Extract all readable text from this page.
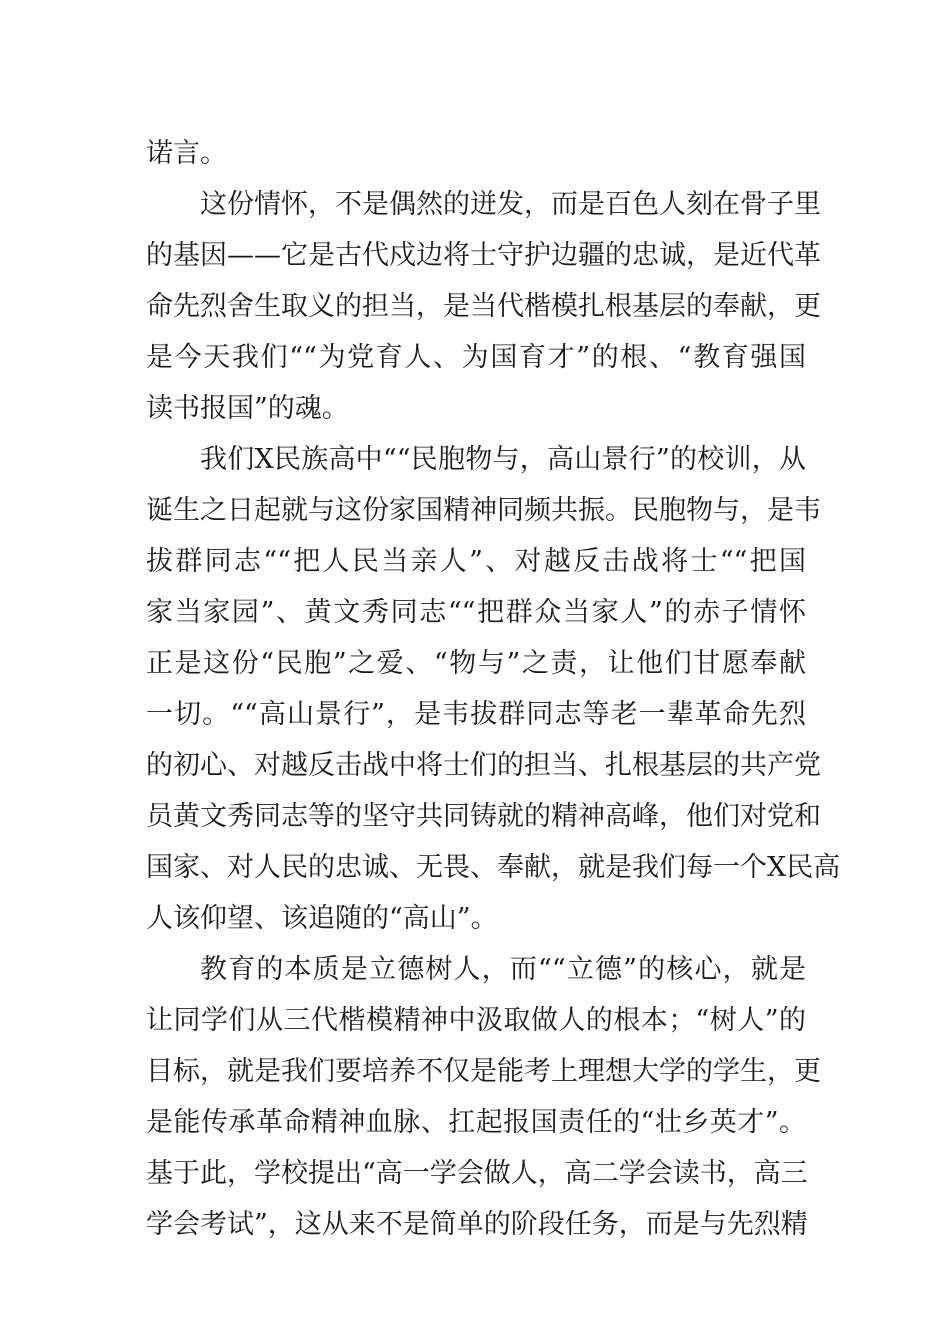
诺言。
这份情怀，不是偶然的迸发，而是百色人刻在骨子里
的基因——它是古代戍边将士守护边疆的忠诚，是近代革
命先烈舍生取义的担当，是当代楷模扎根基层的奉献，更
是今天我们““为党育人、为国育才”的根、“教育强国
读书报国”的魂。
我们X民族高中““民胞物与，高山景行”的校训，从
诞生之日起就与这份家国精神同频共振。民胞物与，是韦
拔群同志““把人民当亲人”、对越反击战将士““把国
家当家园”、黄文秀同志““把群众当家人”的赤子情怀
正是这份“民胞”之爱、“物与”之责，让他们甘愿奉献
一切。““高山景行”，是韦拔群同志等老一辈革命先烈
的初心、对越反击战中将士们的担当、扎根基层的共产党
员黄文秀同志等的坚守共同铸就的精神高峰，他们对党和
国家、对人民的忠诚、无畏、奉献，就是我们每一个X民高
人该仰望、该追随的“高山”。
教育的本质是立德树人，而““立德”的核心，就是
让同学们从三代楷模精神中汲取做人的根本；“树人”的
目标，就是我们要培养不仅是能考上理想大学的学生，更
是能传承革命精神血脉、扛起报国责任的“壮乡英才”。
基于此，学校提出“高一学会做人，高二学会读书，高三
学会考试”，这从来不是简单的阶段任务，而是与先烈精
